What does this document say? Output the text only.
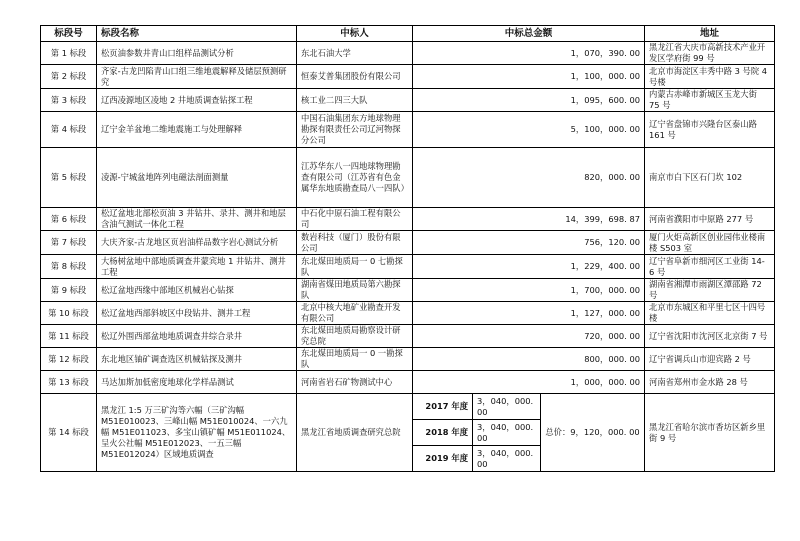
标段号	标段名称	中标人	中标总金额			地址
第 1 标段	松页油参数井青山口组样品测试分析	东北石油大学	1，070，390. 00			黑龙江省大庆市高新技术产业开发区学府街 99 号
第 2 标段	齐家-古龙凹陷青山口组三维地震解释及储层预测研究	恒泰艾普集团股份有限公司	1，100，000. 00			北京市海淀区丰秀中路 3 号院 4 号楼
第 3 标段	辽西凌源地区凌地 2 井地质调查钻探工程	核工业二四三大队	1，095，600. 00			内蒙古赤峰市新城区玉龙大街 75 号
第 4 标段	辽宁金羊盆地二维地震施工与处理解释	中国石油集团东方地球物理勘探有限责任公司辽河物探分公司	5，100，000. 00			辽宁省盘锦市兴隆台区泰山路 161 号
第 5 标段	凌源-宁城盆地阵列电磁法剖面测量	江苏华东八一四地球物理勘查有限公司（江苏省有色金属华东地质勘查局八一四队）	820，000. 00			南京市白下区石门坎 102
第 6 标段	松辽盆地北部松页油 3 井钻井、录井、测井和地层含油气测试一体化工程	中石化中原石油工程有限公司	14，399，698. 87			河南省濮阳市中原路 277 号
第 7 标段	大庆齐家-古龙地区页岩油样品数字岩心测试分析	数岩科技（厦门）股份有限公司	756，120. 00			厦门火炬高新区创业园伟业楼南楼 S503 室
第 8 标段	大杨树盆地中部地质调查井蒙宾地 1 井钻井、测井工程	东北煤田地质局一 0 七勘探队	1，229，400. 00			辽宁省阜新市细河区工业街 14-6 号
第 9 标段	松辽盆地西缘中部地区机械岩心钻探	湖南省煤田地质局第六勘探队	1，700，000. 00			湖南省湘潭市雨湖区潭邵路 72 号
第 10 标段	松辽盆地西部斜坡区中段钻井、测井工程	北京中核大地矿业勘查开发有限公司	1，127，000. 00			北京市东城区和平里七区十四号楼
第 11 标段	松辽外围西部盆地地质调查井综合录井	东北煤田地质局勘察设计研究总院	720，000. 00			辽宁省沈阳市沈河区北京街 7 号
第 12 标段	东北地区铀矿调查选区机械钻探及测井	东北煤田地质局一 0 一勘探队	800，000. 00			辽宁省调兵山市迎宾路 2 号
第 13 标段	马达加斯加低密度地球化学样品测试	河南省岩石矿物测试中心	1，000，000. 00			河南省郑州市金水路 28 号
第 14 标段	黑龙江 1:5 万三矿沟等六幅（三矿沟幅 M51E010023、三峰山幅 M51E010024、一六九幅 M51E011023、多宝山镇矿幅 M51E011024、呈火公社幅 M51E012023、一五三幅 M51E012024）区域地质调查	黑龙江省地质调查研究总院	2017 年度	3，040，000. 00	总价：9，120，000. 00	黑龙江省哈尔滨市香坊区新乡里街 9 号
			2018 年度	3，040，000. 00		
			2019 年度	3，040，000. 00		
